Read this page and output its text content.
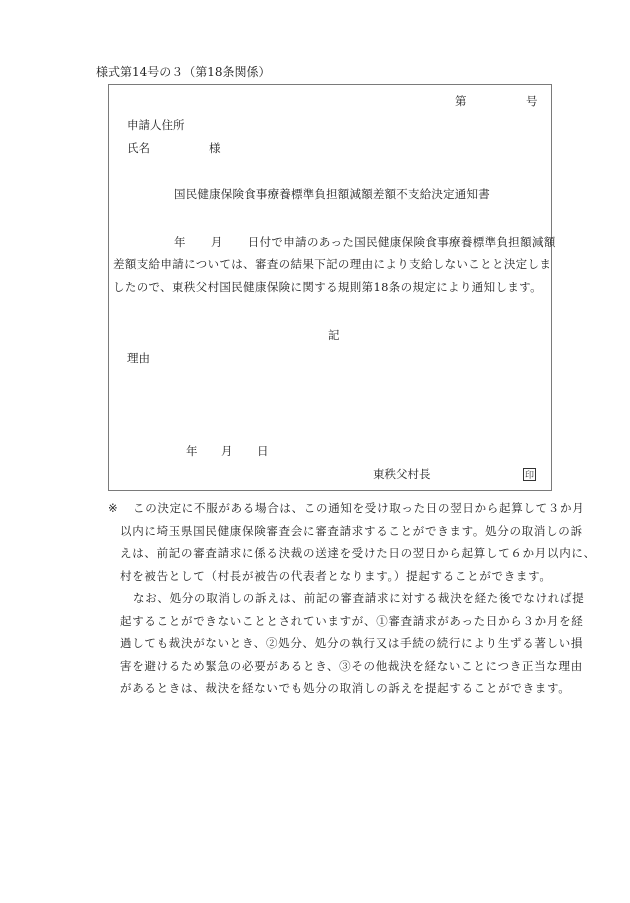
様式第14号の３（第18条関係）
第	号
申請人住所
氏名	様
国民健康保険食事療養標準負担額減額差額不支給決定通知書
年 月 日付で申請のあった国民健康保険食事療養標準負担額減額
差額支給申請については、審査の結果下記の理由により支給しないことと決定しま
したので、東秩父村国民健康保険に関する規則第18条の規定により通知します。
記
理由
年 月 日
東秩父村長	印
※ この決定に不服がある場合は、この通知を受け取った日の翌日から起算して３か月
以内に埼玉県国民健康保険審査会に審査請求することができます。処分の取消しの訴
えは、前記の審査請求に係る決裁の送達を受けた日の翌日から起算して６か月以内に、
村を被告として（村長が被告の代表者となります。）提起することができます。
なお、処分の取消しの訴えは、前記の審査請求に対する裁決を経た後でなければ提
起することができないこととされていますが、①審査請求があった日から３か月を経
過しても裁決がないとき、②処分、処分の執行又は手続の続行により生ずる著しい損
害を避けるため緊急の必要があるとき、③その他裁決を経ないことにつき正当な理由
があるときは、裁決を経ないでも処分の取消しの訴えを提起することができます。
